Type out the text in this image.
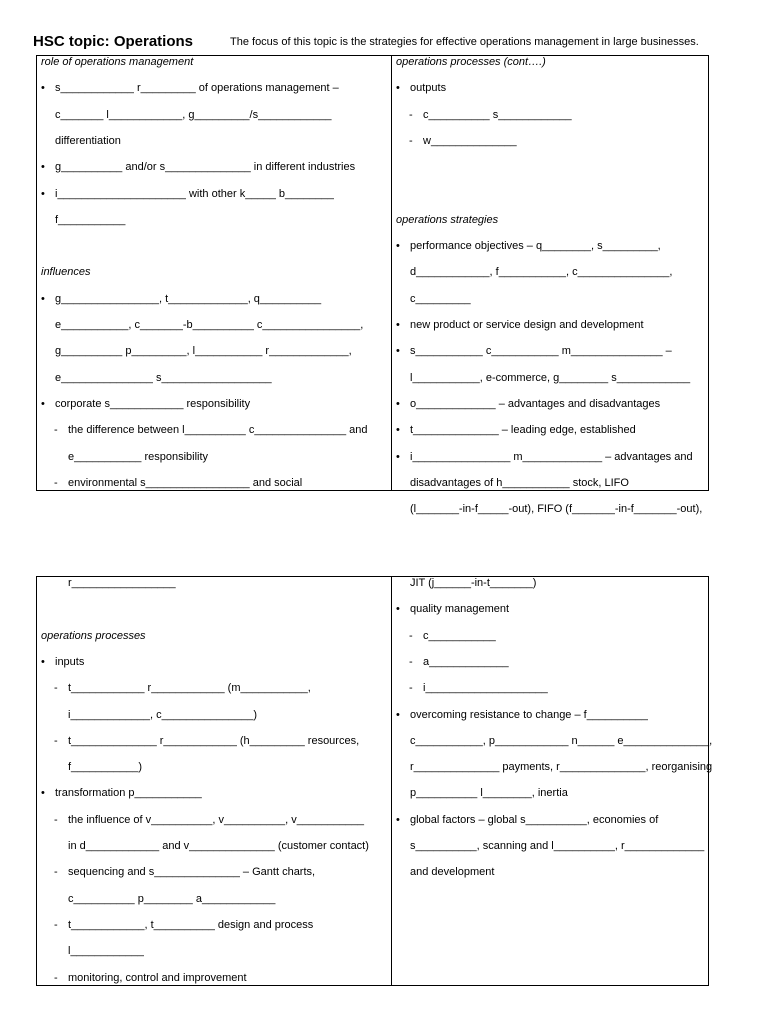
HSC topic: Operations	The focus of this topic is the strategies for effective operations management in large businesses.
role of operations management
• s____________ r_________ of operations management –
c_______ l____________, g_________/s____________
differentiation
• g__________ and/or s______________ in different industries
• i_____________________ with other k_____ b________
f___________
influences
• g________________, t_____________, q__________
e___________, c_______-b__________ c________________,
g__________ p_________, l___________ r_____________,
e_______________ s__________________
• corporate s____________ responsibility
- the difference between l__________ c_______________ and
e___________ responsibility
- environmental s_________________ and social
operations processes (cont….)
• outputs
- c__________ s____________
- w______________
operations strategies
• performance objectives – q________, s_________,
d____________, f___________, c_______________,
c_________
• new product or service design and development
• s___________ c___________ m_______________ –
l___________, e-commerce, g________ s____________
• o_____________ – advantages and disadvantages
• t______________ – leading edge, established
• i________________ m_____________ – advantages and
disadvantages of h___________ stock, LIFO
(l_______-in-f_____-out), FIFO (f_______-in-f_______-out),
r_________________
operations processes
• inputs
- t____________ r____________ (m___________,
i_____________, c_______________)
- t______________ r____________ (h_________ resources,
f___________)
• transformation p___________
- the influence of v__________, v__________, v___________
in d____________ and v______________ (customer contact)
- sequencing and s______________ – Gantt charts,
c__________ p________ a____________
- t____________, t__________ design and process
l____________
- monitoring, control and improvement
JIT (j______-in-t_______)
• quality management
- c___________
- a_____________
- i____________________
• overcoming resistance to change – f__________
c___________, p____________ n______ e______________,
r______________ payments, r______________, reorganising
p__________ l________, inertia
• global factors – global s__________, economies of
s__________, scanning and l__________, r_____________
and development
